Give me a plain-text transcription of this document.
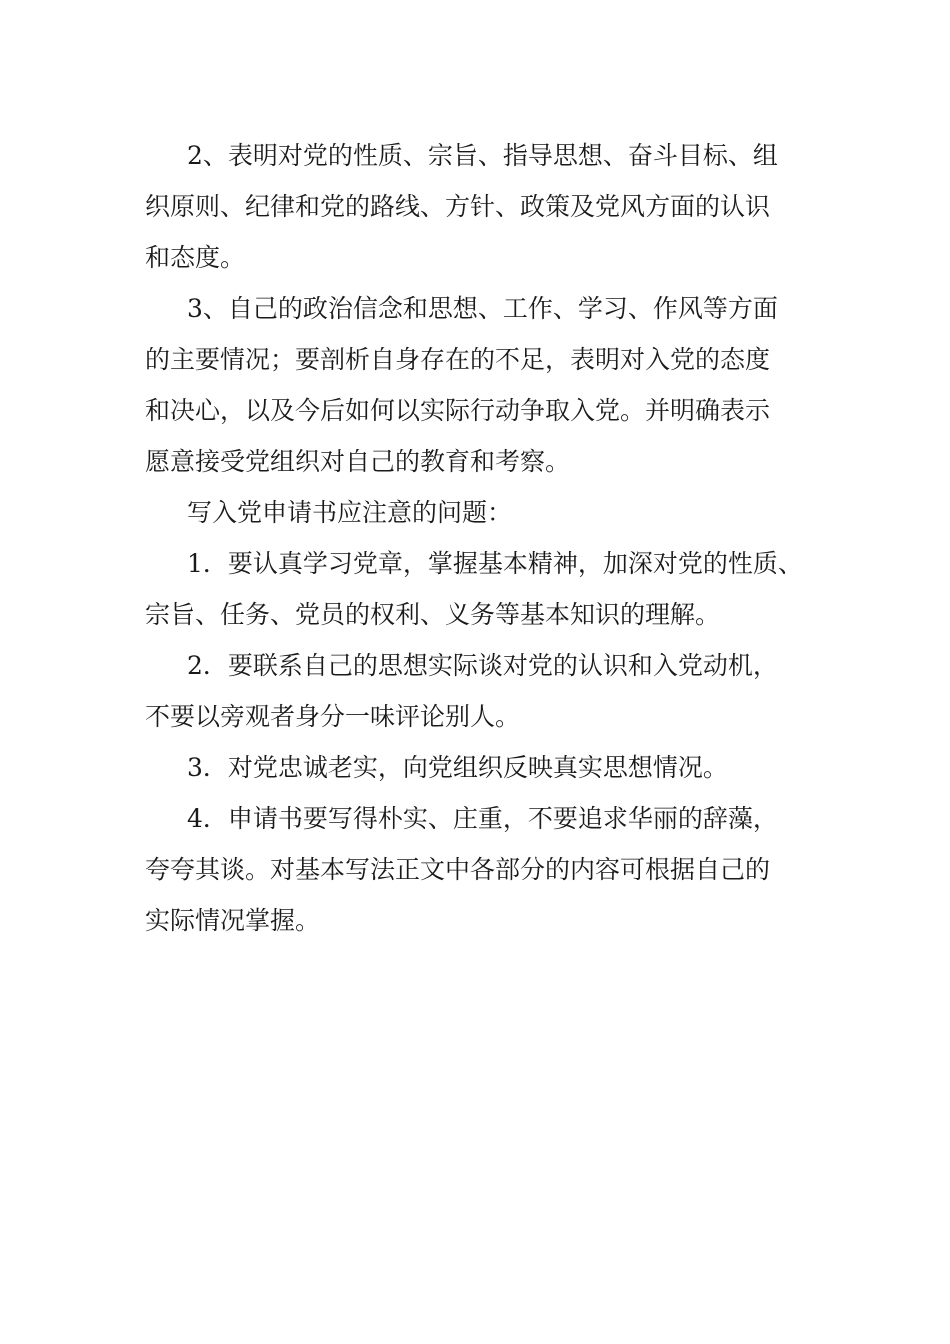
2、表明对党的性质、宗旨、指导思想、奋斗目标、组
织原则、纪律和党的路线、方针、政策及党风方面的认识
和态度。
3、自己的政治信念和思想、工作、学习、作风等方面
的主要情况；要剖析自身存在的不足，表明对入党的态度
和决心，以及今后如何以实际行动争取入党。并明确表示
愿意接受党组织对自己的教育和考察。
写入党申请书应注意的问题：
1．要认真学习党章，掌握基本精神，加深对党的性质、
宗旨、任务、党员的权利、义务等基本知识的理解。
2．要联系自己的思想实际谈对党的认识和入党动机，
不要以旁观者身分一味评论别人。
3．对党忠诚老实，向党组织反映真实思想情况。
4．申请书要写得朴实、庄重，不要追求华丽的辞藻，
夸夸其谈。对基本写法正文中各部分的内容可根据自己的
实际情况掌握。
